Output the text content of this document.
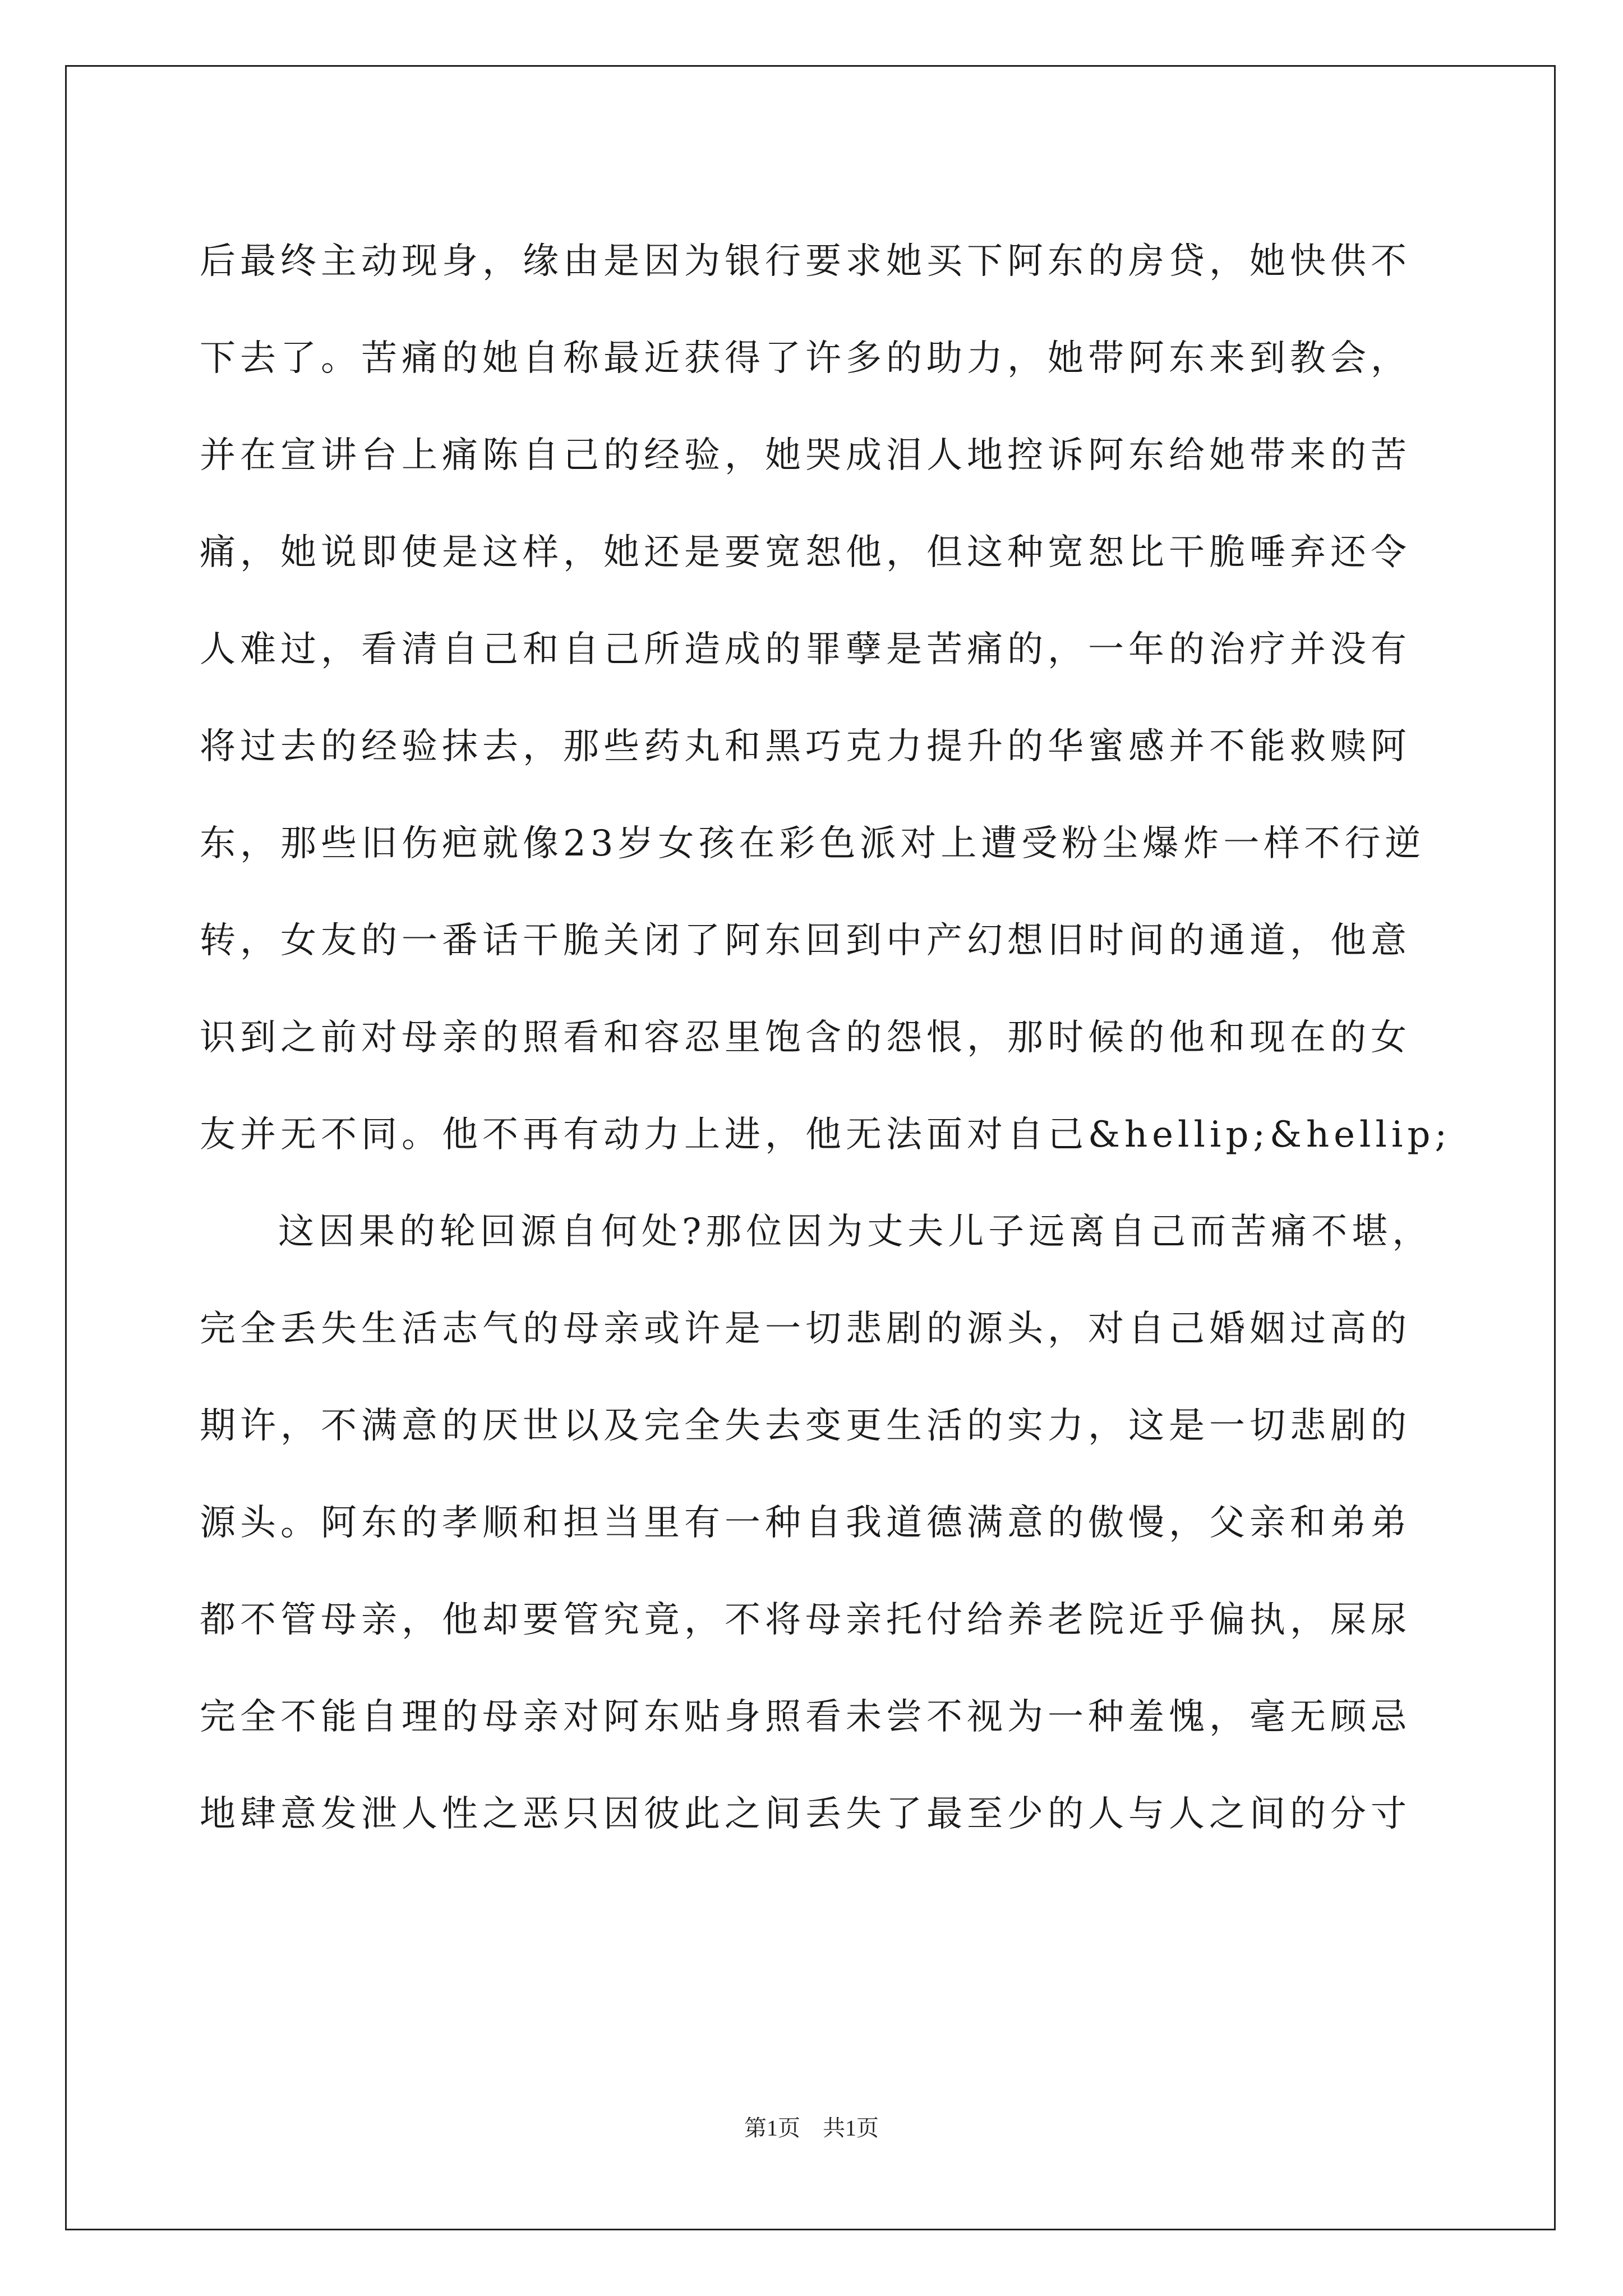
后最终主动现身，缘由是因为银行要求她买下阿东的房贷，她快供不
下去了。苦痛的她自称最近获得了许多的助力，她带阿东来到教会，
并在宣讲台上痛陈自己的经验，她哭成泪人地控诉阿东给她带来的苦
痛，她说即使是这样，她还是要宽恕他，但这种宽恕比干脆唾弃还令
人难过，看清自己和自己所造成的罪孽是苦痛的，一年的治疗并没有
将过去的经验抹去，那些药丸和黑巧克力提升的华蜜感并不能救赎阿
东，那些旧伤疤就像23岁女孩在彩色派对上遭受粉尘爆炸一样不行逆
转，女友的一番话干脆关闭了阿东回到中产幻想旧时间的通道，他意
识到之前对母亲的照看和容忍里饱含的怨恨，那时候的他和现在的女
友并无不同。他不再有动力上进，他无法面对自己&hellip;&hellip;
这因果的轮回源自何处?那位因为丈夫儿子远离自己而苦痛不堪，
完全丢失生活志气的母亲或许是一切悲剧的源头，对自己婚姻过高的
期许，不满意的厌世以及完全失去变更生活的实力，这是一切悲剧的
源头。阿东的孝顺和担当里有一种自我道德满意的傲慢，父亲和弟弟
都不管母亲，他却要管究竟，不将母亲托付给养老院近乎偏执，屎尿
完全不能自理的母亲对阿东贴身照看未尝不视为一种羞愧，毫无顾忌
地肆意发泄人性之恶只因彼此之间丢失了最至少的人与人之间的分寸
第1页 共1页
